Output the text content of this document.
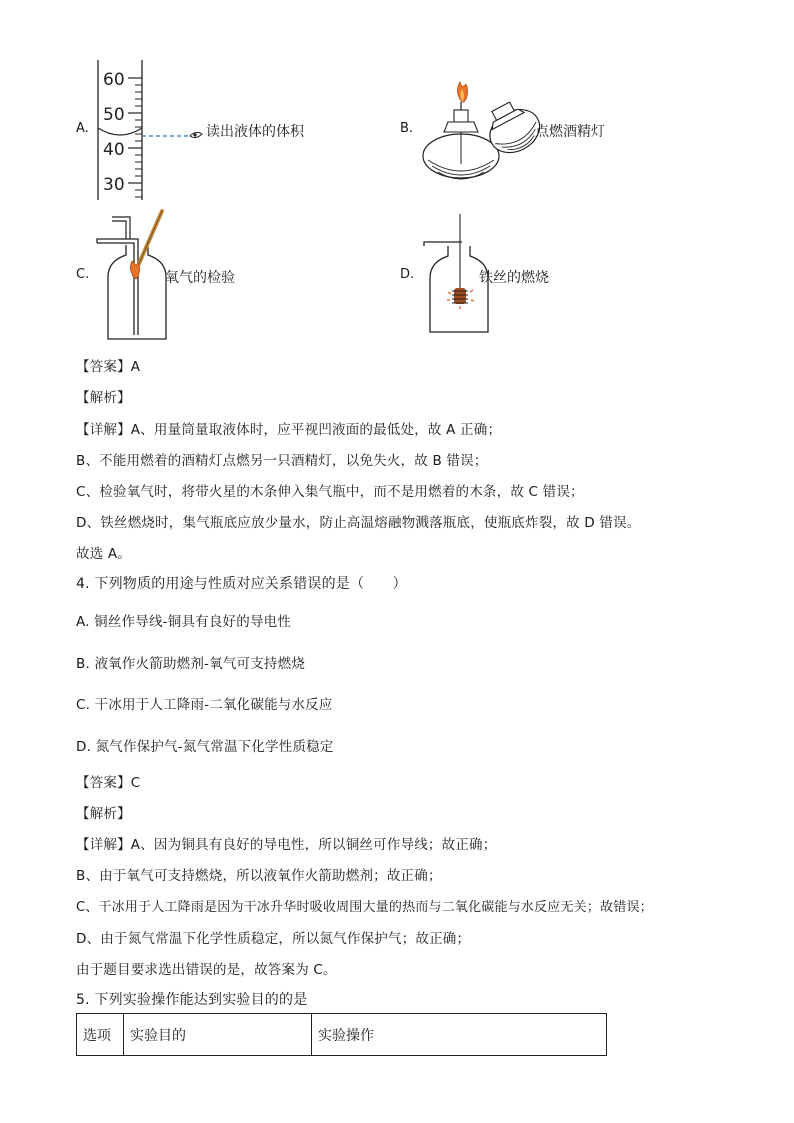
A.
60
50
40
30
读出液体的体积	B.	点燃酒精灯
C.	氧气的检验	D.	铁丝的燃烧
【答案】A
【解析】
【详解】A、用量筒量取液体时，应平视凹液面的最低处，故 A 正确；
B、不能用燃着的酒精灯点燃另一只酒精灯，以免失火，故 B 错误；
C、检验氧气时，将带火星的木条伸入集气瓶中，而不是用燃着的木条，故 C 错误；
D、铁丝燃烧时，集气瓶底应放少量水，防止高温熔融物溅落瓶底，使瓶底炸裂，故 D 错误。
故选 A。
4. 下列物质的用途与性质对应关系错误的是（　　）
A. 铜丝作导线-铜具有良好的导电性
B. 液氧作火箭助燃剂-氧气可支持燃烧
C. 干冰用于人工降雨-二氧化碳能与水反应
D. 氮气作保护气-氮气常温下化学性质稳定
【答案】C
【解析】
【详解】A、因为铜具有良好的导电性，所以铜丝可作导线；故正确；
B、由于氧气可支持燃烧，所以液氧作火箭助燃剂；故正确；
C、干冰用于人工降雨是因为干冰升华时吸收周围大量的热而与二氧化碳能与水反应无关；故错误；
D、由于氮气常温下化学性质稳定，所以氮气作保护气；故正确；
由于题目要求选出错误的是，故答案为 C。
5. 下列实验操作能达到实验目的的是
选项	实验目的	实验操作
